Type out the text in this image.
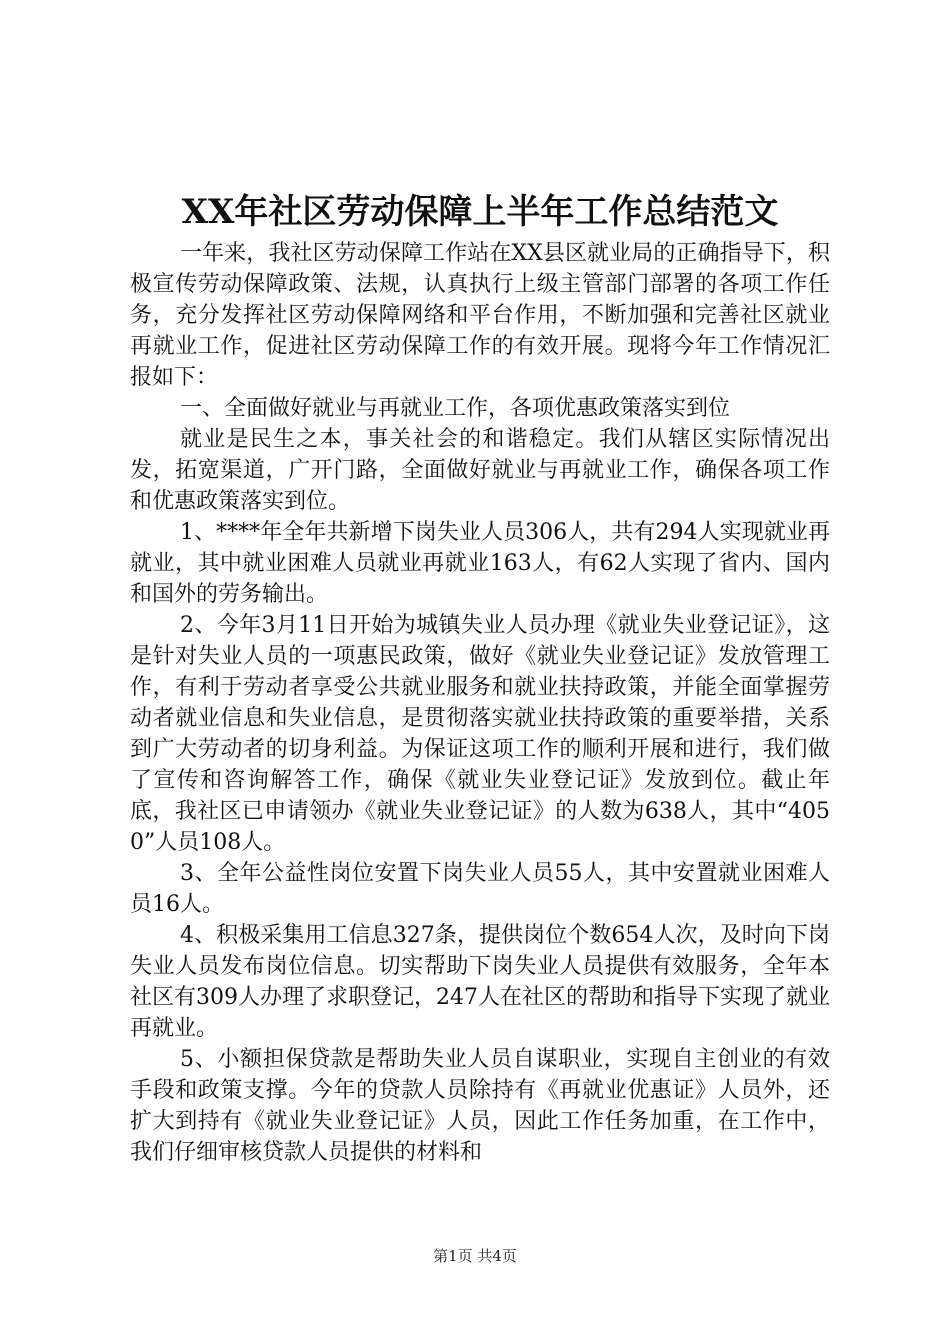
XX年社区劳动保障上半年工作总结范文

一年来，我社区劳动保障工作站在XX县区就业局的正确指导下，积极宣传劳动保障政策、法规，认真执行上级主管部门部署的各项工作任务，充分发挥社区劳动保障网络和平台作用，不断加强和完善社区就业再就业工作，促进社区劳动保障工作的有效开展。现将今年工作情况汇报如下：

一、全面做好就业与再就业工作，各项优惠政策落实到位

就业是民生之本，事关社会的和谐稳定。我们从辖区实际情况出发，拓宽渠道，广开门路，全面做好就业与再就业工作，确保各项工作和优惠政策落实到位。

1、****年全年共新增下岗失业人员306人，共有294人实现就业再就业，其中就业困难人员就业再就业163人，有62人实现了省内、国内和国外的劳务输出。

2、今年3月11日开始为城镇失业人员办理《就业失业登记证》，这是针对失业人员的一项惠民政策，做好《就业失业登记证》发放管理工作，有利于劳动者享受公共就业服务和就业扶持政策，并能全面掌握劳动者就业信息和失业信息，是贯彻落实就业扶持政策的重要举措，关系到广大劳动者的切身利益。为保证这项工作的顺利开展和进行，我们做了宣传和咨询解答工作，确保《就业失业登记证》发放到位。截止年底，我社区已申请领办《就业失业登记证》的人数为638人，其中“4050”人员108人。

3、全年公益性岗位安置下岗失业人员55人，其中安置就业困难人员16人。

4、积极采集用工信息327条，提供岗位个数654人次，及时向下岗失业人员发布岗位信息。切实帮助下岗失业人员提供有效服务，全年本社区有309人办理了求职登记，247人在社区的帮助和指导下实现了就业再就业。

5、小额担保贷款是帮助失业人员自谋职业，实现自主创业的有效手段和政策支撑。今年的贷款人员除持有《再就业优惠证》人员外，还扩大到持有《就业失业登记证》人员，因此工作任务加重，在工作中，我们仔细审核贷款人员提供的材料和

第1页 共4页
